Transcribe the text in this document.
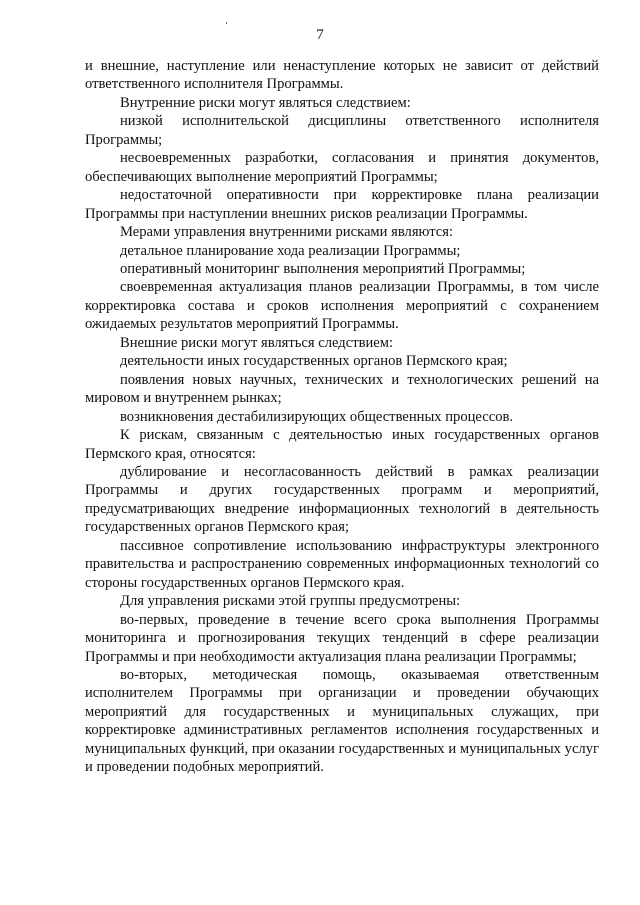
7

и внешние, наступление или ненаступление которых не зависит от действий ответственного исполнителя Программы.

Внутренние риски могут являться следствием:

низкой исполнительской дисциплины ответственного исполнителя Программы;

несвоевременных разработки, согласования и принятия документов, обеспечивающих выполнение мероприятий Программы;

недостаточной оперативности при корректировке плана реализации Программы при наступлении внешних рисков реализации Программы.

Мерами управления внутренними рисками являются:

детальное планирование хода реализации Программы;

оперативный мониторинг выполнения мероприятий Программы;

своевременная актуализация планов реализации Программы, в том числе корректировка состава и сроков исполнения мероприятий с сохранением ожидаемых результатов мероприятий Программы.

Внешние риски могут являться следствием:

деятельности иных государственных органов Пермского края;

появления новых научных, технических и технологических решений на мировом и внутреннем рынках;

возникновения дестабилизирующих общественных процессов.

К рискам, связанным с деятельностью иных государственных органов Пермского края, относятся:

дублирование и несогласованность действий в рамках реализации Программы и других государственных программ и мероприятий, предусматривающих внедрение информационных технологий в деятельность государственных органов Пермского края;

пассивное сопротивление использованию инфраструктуры электронного правительства и распространению современных информационных технологий со стороны государственных органов Пермского края.

Для управления рисками этой группы предусмотрены:

во-первых, проведение в течение всего срока выполнения Программы мониторинга и прогнозирования текущих тенденций в сфере реализации Программы и при необходимости актуализация плана реализации Программы;

во-вторых, методическая помощь, оказываемая ответственным исполнителем Программы при организации и проведении обучающих мероприятий для государственных и муниципальных служащих, при корректировке административных регламентов исполнения государственных и муниципальных функций, при оказании государственных и муниципальных услуг и проведении подобных мероприятий.
